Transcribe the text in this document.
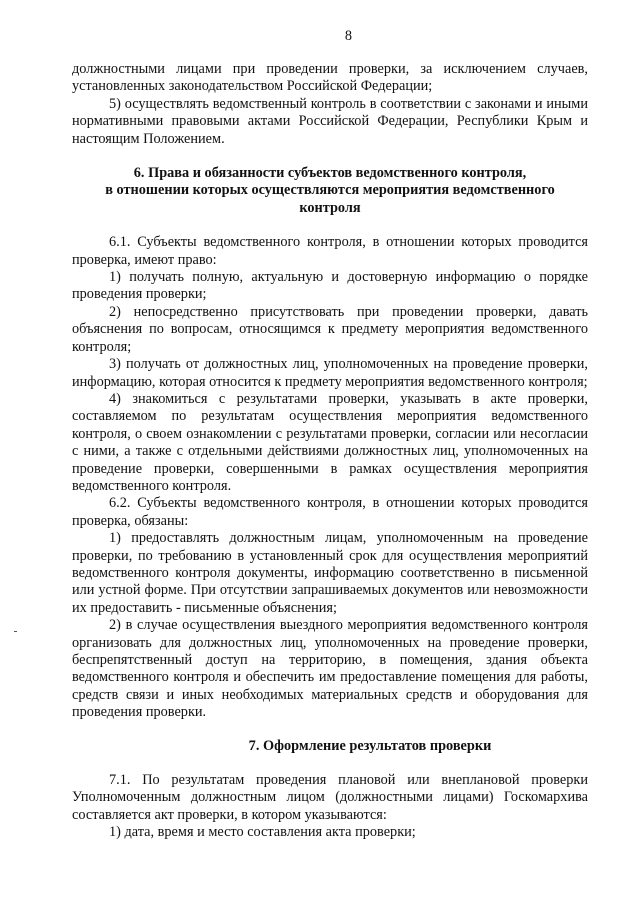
8

должностными лицами при проведении проверки, за исключением случаев, установленных законодательством Российской Федерации;

5) осуществлять ведомственный контроль в соответствии с законами и иными нормативными правовыми актами Российской Федерации, Республики Крым и настоящим Положением.

6. Права и обязанности субъектов ведомственного контроля,
в отношении которых осуществляются мероприятия ведомственного
контроля

6.1. Субъекты ведомственного контроля, в отношении которых проводится проверка, имеют право:

1) получать полную, актуальную и достоверную информацию о порядке проведения проверки;

2) непосредственно присутствовать при проведении проверки, давать объяснения по вопросам, относящимся к предмету мероприятия ведомственного контроля;

3) получать от должностных лиц, уполномоченных на проведение проверки, информацию, которая относится к предмету мероприятия ведомственного контроля;

4) знакомиться с результатами проверки, указывать в акте проверки, составляемом по результатам осуществления мероприятия ведомственного контроля, о своем ознакомлении с результатами проверки, согласии или несогласии с ними, а также с отдельными действиями должностных лиц, уполномоченных на проведение проверки, совершенными в рамках осуществления мероприятия ведомственного контроля.

6.2. Субъекты ведомственного контроля, в отношении которых проводится проверка, обязаны:

1) предоставлять должностным лицам, уполномоченным на проведение проверки, по требованию в установленный срок для осуществления мероприятий ведомственного контроля документы, информацию соответственно в письменной или устной форме. При отсутствии запрашиваемых документов или невозможности их предоставить - письменные объяснения;

2) в случае осуществления выездного мероприятия ведомственного контроля организовать для должностных лиц, уполномоченных на проведение проверки, беспрепятственный доступ на территорию, в помещения, здания объекта ведомственного контроля и обеспечить им предоставление помещения для работы, средств связи и иных необходимых материальных средств и оборудования для проведения проверки.

7. Оформление результатов проверки

7.1. По результатам проведения плановой или внеплановой проверки Уполномоченным должностным лицом (должностными лицами) Госкомархива составляется акт проверки, в котором указываются:

1) дата, время и место составления акта проверки;
